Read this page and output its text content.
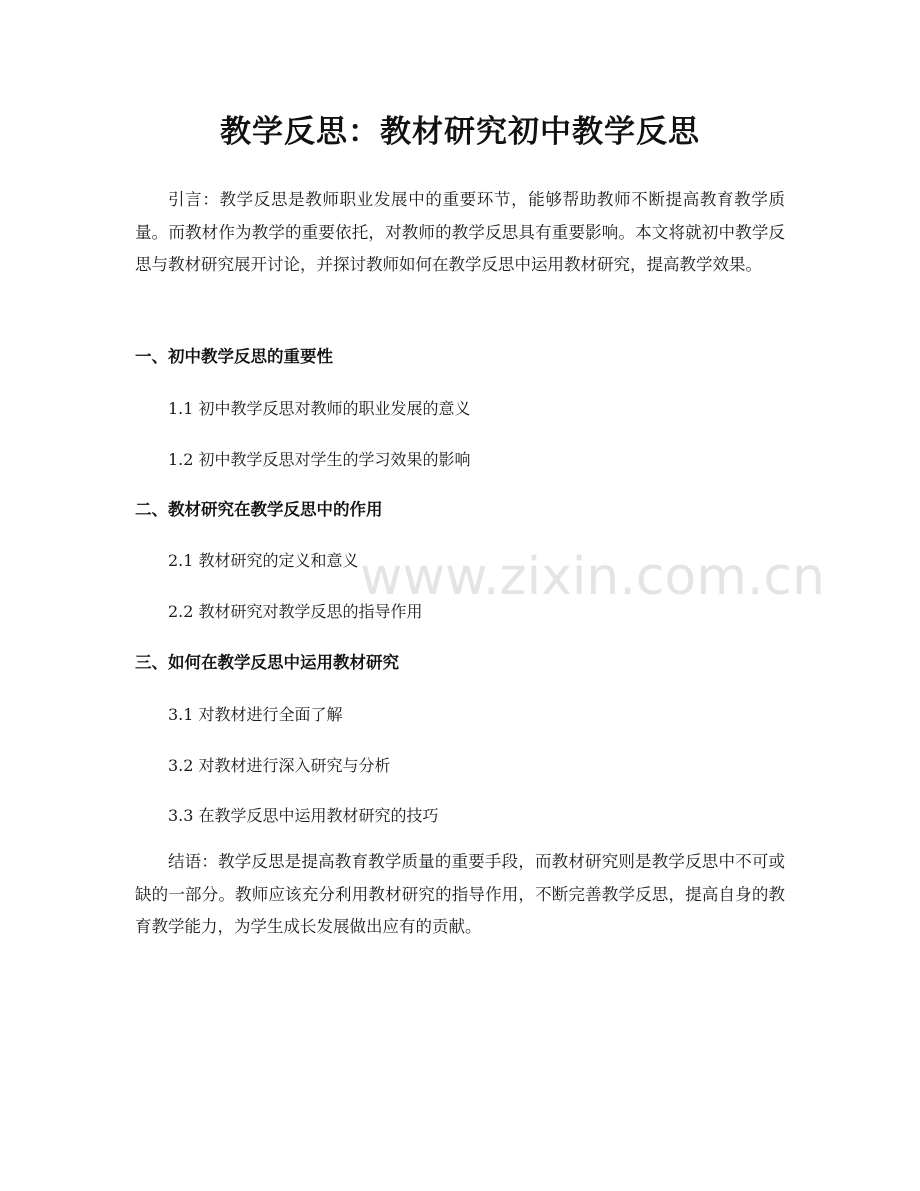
教学反思：教材研究初中教学反思
引言：教学反思是教师职业发展中的重要环节，能够帮助教师不断提高教育教学质量。而教材作为教学的重要依托，对教师的教学反思具有重要影响。本文将就初中教学反思与教材研究展开讨论，并探讨教师如何在教学反思中运用教材研究，提高教学效果。
一、初中教学反思的重要性
1.1 初中教学反思对教师的职业发展的意义
1.2 初中教学反思对学生的学习效果的影响
二、教材研究在教学反思中的作用
2.1 教材研究的定义和意义
2.2 教材研究对教学反思的指导作用
三、如何在教学反思中运用教材研究
3.1 对教材进行全面了解
3.2 对教材进行深入研究与分析
3.3 在教学反思中运用教材研究的技巧
结语：教学反思是提高教育教学质量的重要手段，而教材研究则是教学反思中不可或缺的一部分。教师应该充分利用教材研究的指导作用，不断完善教学反思，提高自身的教育教学能力，为学生成长发展做出应有的贡献。
www.zixin.com.cn
